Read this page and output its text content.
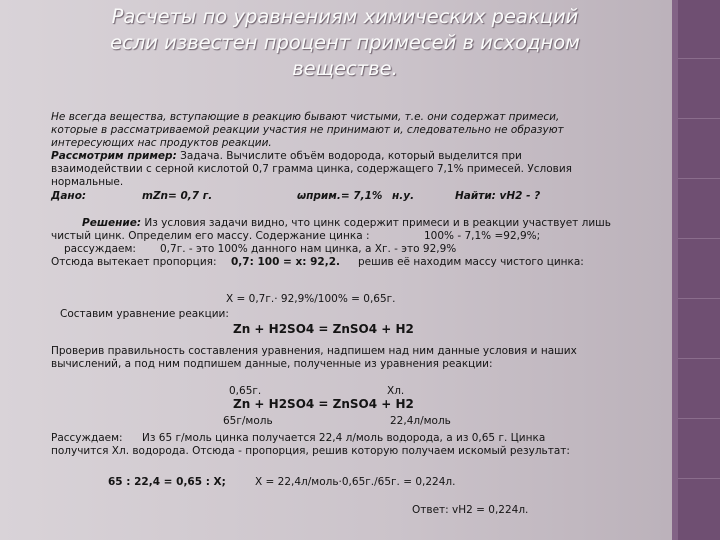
Расчеты по уравнениям химических реакций
если известен процент примесей в исходном
веществе.
Не всегда вещества, вступающие в реакцию бывают чистыми, т.е. они содержат примеси,
которые в рассматриваемой реакции участия не принимают и, следовательно не образуют
интересующих нас продуктов реакции.
Рассмотрим пример: Задача. Вычислите объём водорода, который выделится при
взаимодействии с серной кислотой 0,7 грамма цинка, содержащего 7,1% примесей. Условия
нормальные.
Дано:	mZn= 0,7 г.	ωприм.= 7,1% н.у.	Найти: vH2 - ?
Решение: Из условия задачи видно, что цинк содержит примеси и в реакции участвует лишь
чистый цинк. Определим его массу. Содержание цинка :	100% - 7,1% =92,9%;
рассуждаем: 0,7г. - это 100% данного нам цинка, а Хг. - это 92,9%
Отсюда вытекает пропорция: 0,7: 100 = х: 92,2. решив её находим массу чистого цинка:
Х = 0,7г.· 92,9%/100% = 0,65г.
Составим уравнение реакции:
Zn + H2SO4 = ZnSO4 + H2
Проверив правильность составления уравнения, надпишем над ним данные условия и наших
вычислений, а под ним подпишем данные, полученные из уравнения реакции:
0,65г.	Хл.
Zn + H2SO4 = ZnSO4 + H2
65г/моль	22,4л/моль
Рассуждаем: Из 65 г/моль цинка получается 22,4 л/моль водорода, а из 0,65 г. Цинка
получится Хл. водорода. Отсюда - пропорция, решив которую получаем искомый результат:
65 : 22,4 = 0,65 : Х;	Х = 22,4л/моль·0,65г./65г. = 0,224л.
Ответ: vH2 = 0,224л.
